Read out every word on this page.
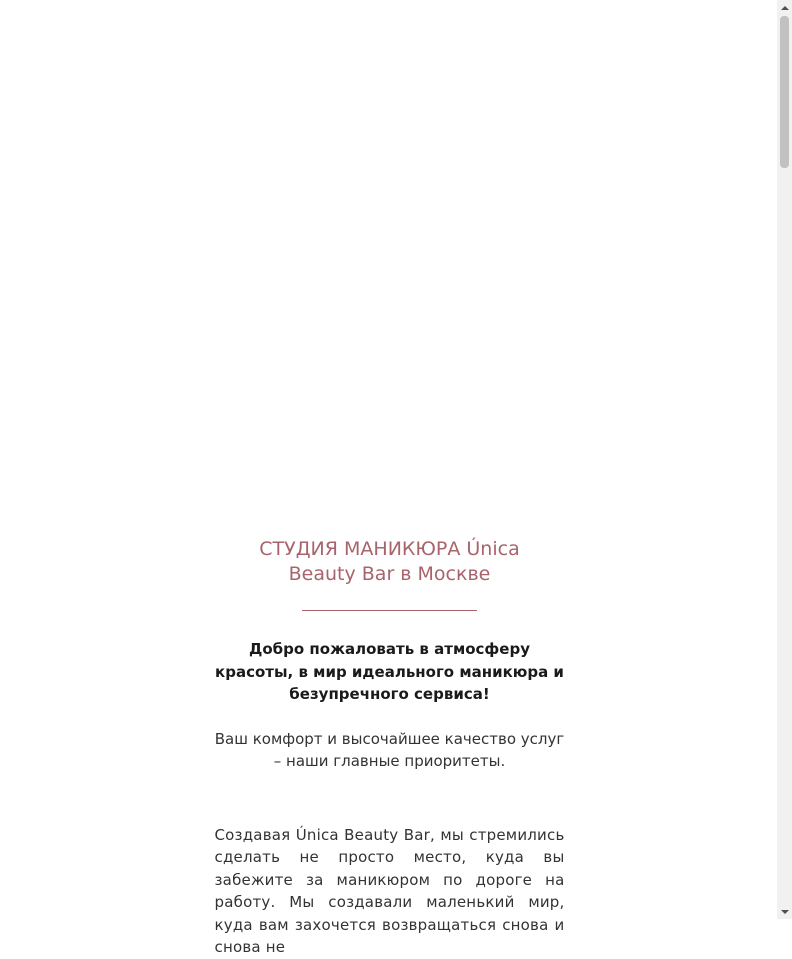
СТУДИЯ МАНИКЮРА Única
Beauty Bar в Москве

Добро пожаловать в атмосферу красоты, в мир идеального маникюра и безупречного сервиса!

Ваш комфорт и высочайшее качество услуг – наши главные приоритеты.

Создавая Única Beauty Bar, мы стремились сделать не просто место, куда вы забежите за маникюром по дороге на работу. Мы создавали маленький мир, куда вам захочется возвращаться снова и снова не
